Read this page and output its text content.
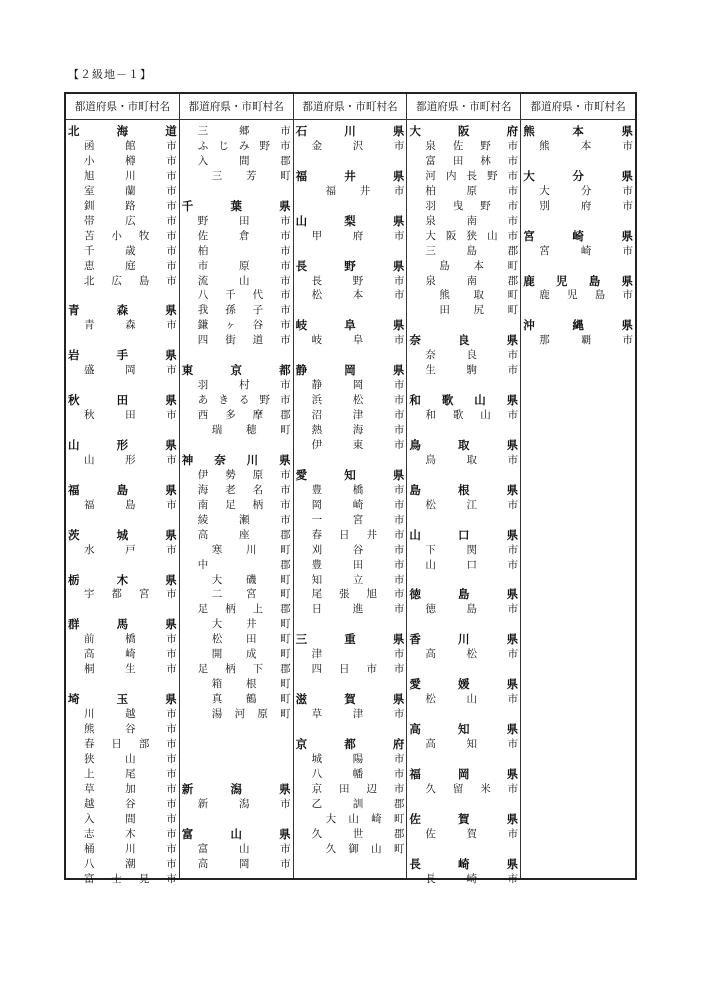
【２級地－１】
都道府県・市町村名
北	海	道
函	館	市
小	樽	市
旭	川	市
室	蘭	市
釧	路	市
帯	広	市
苫 小 牧 市
千	歳	市
恵	庭	市
北 広 島 市
青	森	県
青	森	市
岩	手	県
盛	岡	市
秋	田	県
秋	田	市
山	形	県
山	形	市
福	島	県
福	島	市
茨	城	県
水	戸	市
栃	木	県
宇 都 宮 市
群	馬	県
前	橋	市
高	崎	市
桐	生	市
埼	玉	県
川	越	市
熊	谷	市
春 日 部 市
狭	山	市
上	尾	市
草	加	市
越	谷	市
入	間	市
志	木	市
桶	川	市
八	潮	市
富 士 見 市
都道府県・市町村名
三	郷	市
ふ じ み 野 市
入	間	郡
三 芳 町
千	葉	県
野	田	市
佐	倉	市
柏	市
市	原	市
流	山	市
八 千 代 市
我 孫 子 市
鎌 ヶ 谷 市
四 街 道 市
東	京	都
羽	村	市
あ き る 野 市
西 多 摩 郡
瑞 穂 町
神 奈 川 県
伊 勢 原 市
海 老 名 市
南 足 柄 市
綾	瀬	市
高	座	郡
寒 川 町
中	郡
大 磯 町
二 宮 町
足 柄 上 郡
大 井 町
松 田 町
開 成 町
足 柄 下 郡
箱 根 町
真 鶴 町
湯 河 原 町
新	潟	県
新	潟	市
富	山	県
富	山	市
高	岡	市
都道府県・市町村名
石	川	県
金	沢	市
福	井	県
福 井 市
山	梨	県
甲	府	市
長	野	県
長	野	市
松	本	市
岐	阜	県
岐	阜	市
静	岡	県
静	岡	市
浜	松	市
沼	津	市
熱	海	市
伊	東	市
愛	知	県
豊	橋	市
岡	崎	市
一	宮	市
春 日 井 市
刈	谷	市
豊	田	市
知	立	市
尾 張 旭 市
日	進	市
三	重	県
津	市
四 日 市 市
滋	賀	県
草	津	市
京	都	府
城	陽	市
八	幡	市
京 田 辺 市
乙	訓	郡
大 山 崎 町
久	世	郡
久 御 山 町
都道府県・市町村名
大	阪	府
泉 佐 野 市
富 田 林 市
河 内 長 野 市
柏	原	市
羽 曳 野 市
泉	南	市
大 阪 狭 山 市
三	島	郡
島 本 町
泉	南	郡
熊 取 町
田 尻 町
奈	良	県
奈	良	市
生	駒	市
和 歌 山 県
和 歌 山 市
鳥	取	県
鳥	取	市
島	根	県
松	江	市
山	口	県
下	関	市
山	口	市
徳	島	県
徳	島	市
香	川	県
高	松	市
愛	媛	県
松	山	市
高	知	県
高	知	市
福	岡	県
久 留 米 市
佐	賀	県
佐	賀	市
長	崎	県
長	崎	市
都道府県・市町村名
熊	本	県
熊	本	市
大	分	県
大	分	市
別	府	市
宮	崎	県
宮	崎	市
鹿 児 島 県
鹿 児 島 市
沖	縄	県
那	覇	市
